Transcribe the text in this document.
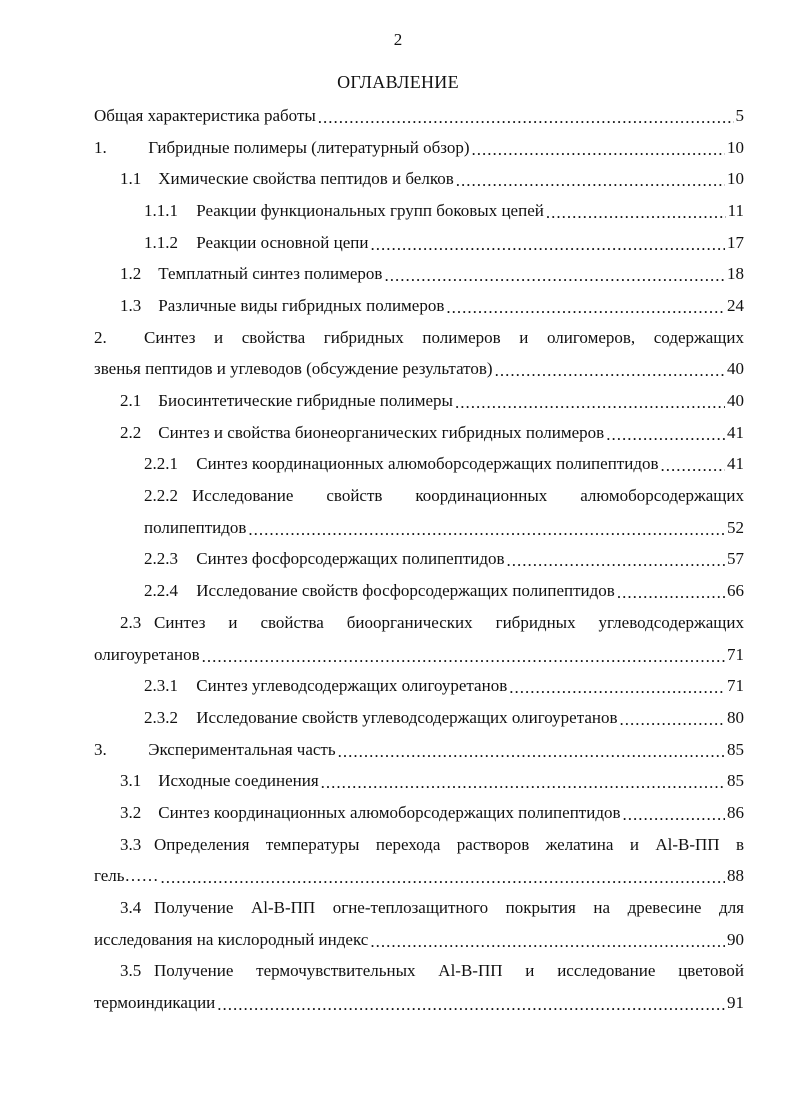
2
ОГЛАВЛЕНИЕ
Общая характеристика работы .....	5
1. Гибридные полимеры (литературный обзор) .....	10
1.1 Химические свойства пептидов и белков .....	10
1.1.1 Реакции функциональных групп боковых цепей .....	11
1.1.2 Реакции основной цепи .....	17
1.2 Темплатный синтез полимеров .....	18
1.3 Различные виды гибридных полимеров .....	24
2.	Синтез и свойства гибридных полимеров и олигомеров, содержащих
звенья пептидов и углеводов (обсуждение результатов) .....	40
2.1 Биосинтетические гибридные полимеры .....	40
2.2 Синтез и свойства бионеорганических гибридных полимеров .....	41
2.2.1 Синтез координационных алюмоборсодержащих полипептидов .....	41
2.2.2 Исследование свойств координационных алюмоборсодержащих
полипептидов .....	52
2.2.3 Синтез фосфорсодержащих полипептидов .....	57
2.2.4 Исследование свойств фосфорсодержащих полипептидов .....	66
2.3 Синтез и свойства биоорганических гибридных углеводсодержащих
олигоуретанов .....	71
2.3.1 Синтез углеводсодержащих олигоуретанов .....	71
2.3.2 Исследование свойств углеводсодержащих олигоуретанов .....	80
3. Экспериментальная часть .....	85
3.1 Исходные соединения .....	85
3.2 Синтез координационных алюмоборсодержащих полипептидов .....	86
3.3 Определения температуры перехода растворов желатина и Al-B-ПП в
гель…… .....	88
3.4 Получение Al-B-ПП огне-теплозащитного покрытия на древесине для
исследования на кислородный индекс .....	90
3.5 Получение термочувствительных Al-B-ПП и исследование цветовой
термоиндикации .....	91
